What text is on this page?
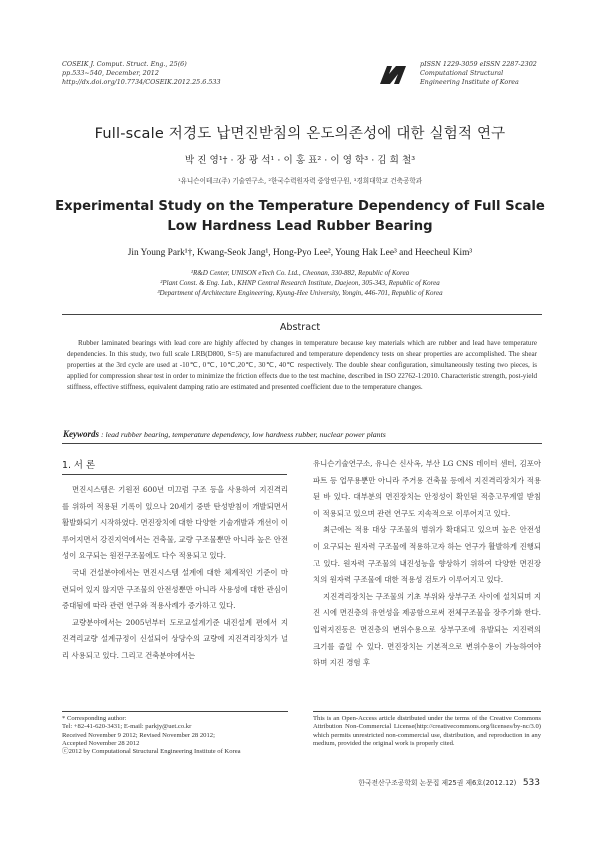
COSEIK J. Comput. Struct. Eng., 25(6)
pp.533~540, December, 2012
http://dx.doi.org/10.7734/COSEIK.2012.25.6.533
pISSN 1229-3059 eISSN 2287-2302
Computational Structural
Engineering Institute of Korea
Full-scale 저경도 납면진받침의 온도의존성에 대한 실험적 연구
박 진 영¹† · 장 광 석¹ · 이 홍 표² · 이 영 학³ · 김 희 철³
¹유니슨이테크(주) 기술연구소, ²한국수력원자력 중앙연구원, ³경희대학교 건축공학과
Experimental Study on the Temperature Dependency of Full Scale
Low Hardness Lead Rubber Bearing
Jin Young Park¹†, Kwang-Seok Jang¹, Hong-Pyo Lee², Young Hak Lee³ and Heecheul Kim³
¹R&D Center, UNISON eTech Co. Ltd., Cheonan, 330-882, Republic of Korea
²Plant Const. & Eng. Lab., KHNP Central Research Institute, Daejeon, 305-343, Republic of Korea
³Department of Architecture Engineering, Kyung-Hee University, Yongin, 446-701, Republic of Korea
Abstract
Rubber laminated bearings with lead core are highly affected by changes in temperature because key materials which are rubber and lead have temperature dependencies. In this study, two full scale LRB(D800, S=5) are manufactured and temperature dependency tests on shear properties are accomplished. The shear properties at the 3rd cycle are used at -10℃, 0℃, 10℃,20℃, 30℃, 40℃ respectively. The double shear configuration, simultaneously testing two pieces, is applied for compression shear test in order to minimize the friction effects due to the test machine, described in ISO 22762-1:2010. Characteristic strength, post-yield stiffness, effective stiffness, equivalent damping ratio are estimated and presented coefficient due to the temperature changes.
Keywords : lead rubber bearing, temperature dependency, low hardness rubber, nuclear power plants
1. 서 론

면진시스템은 기원전 600년 미끄럼 구조 등을 사용하여 지진격리를 위하여 적용된 기록이 있으나 20세기 중반 탄성받침이 개발되면서 활발화되기 시작하였다. 면진장치에 대한 다양한 기술개발과 개선이 이루어지면서 강진지역에서는 건축물, 교량 구조물뿐만 아니라 높은 안전성이 요구되는 원전구조물에도 다수 적용되고 있다.

국내 건설분야에서는 면진시스템 설계에 대한 체계적인 기준이 마련되어 있지 않지만 구조물의 안전성뿐만 아니라 사용성에 대한 관심이 증대됨에 따라 관련 연구와 적용사례가 증가하고 있다.

교량분야에서는 2005년부터 도로교설계기준 내진설계 편에서 지진격리교량 설계규정이 신설되어 상당수의 교량에 지진격리장치가 널리 사용되고 있다. 그리고 건축분야에서는

유니슨기술연구소, 유니슨 신사옥, 부산 LG CNS 데이터 센터, 김포아파트 등 업무용뿐만 아니라 주거용 건축물 등에서 지진격리장치가 적용된 바 있다. 대부분의 면진장치는 안정성이 확인된 적층고무계열 받침이 적용되고 있으며 관련 연구도 지속적으로 이루어지고 있다.

최근에는 적용 대상 구조물의 범위가 확대되고 있으며 높은 안전성이 요구되는 원자력 구조물에 적용하고자 하는 연구가 활발하게 진행되고 있다. 원자력 구조물의 내진성능을 향상하기 위하여 다양한 면진장치의 원자력 구조물에 대한 적용성 검토가 이루어지고 있다.

지진격리장치는 구조물의 기초 부위와 상부구조 사이에 설치되며 지진 시에 면진층의 유연성을 제공함으로써 전체구조물을 장주기화 한다. 입력지진동은 면진층의 변위수용으로 상부구조에 유발되는 지진력의 크기를 줄일 수 있다. 면진장치는 기본적으로 변위수용이 가능하여야 하며 지진 경험 후

* Corresponding author:
Tel: +82-41-620-3431; E-mail: parkjy@uet.co.kr
Received November 9 2012; Revised November 28 2012;
Accepted November 28 2012
ⓒ2012 by Computational Structural Engineering Institute of Korea
This is an Open-Access article distributed under the terms of the Creative Commons Attribution Non-Commercial License(http://creativecommons.org/licenses/by-nc/3.0) which permits unrestricted non-commercial use, distribution, and reproduction in any medium, provided the original work is properly cited.
한국전산구조공학회 논문집 제25권 제6호(2012.12) 533
